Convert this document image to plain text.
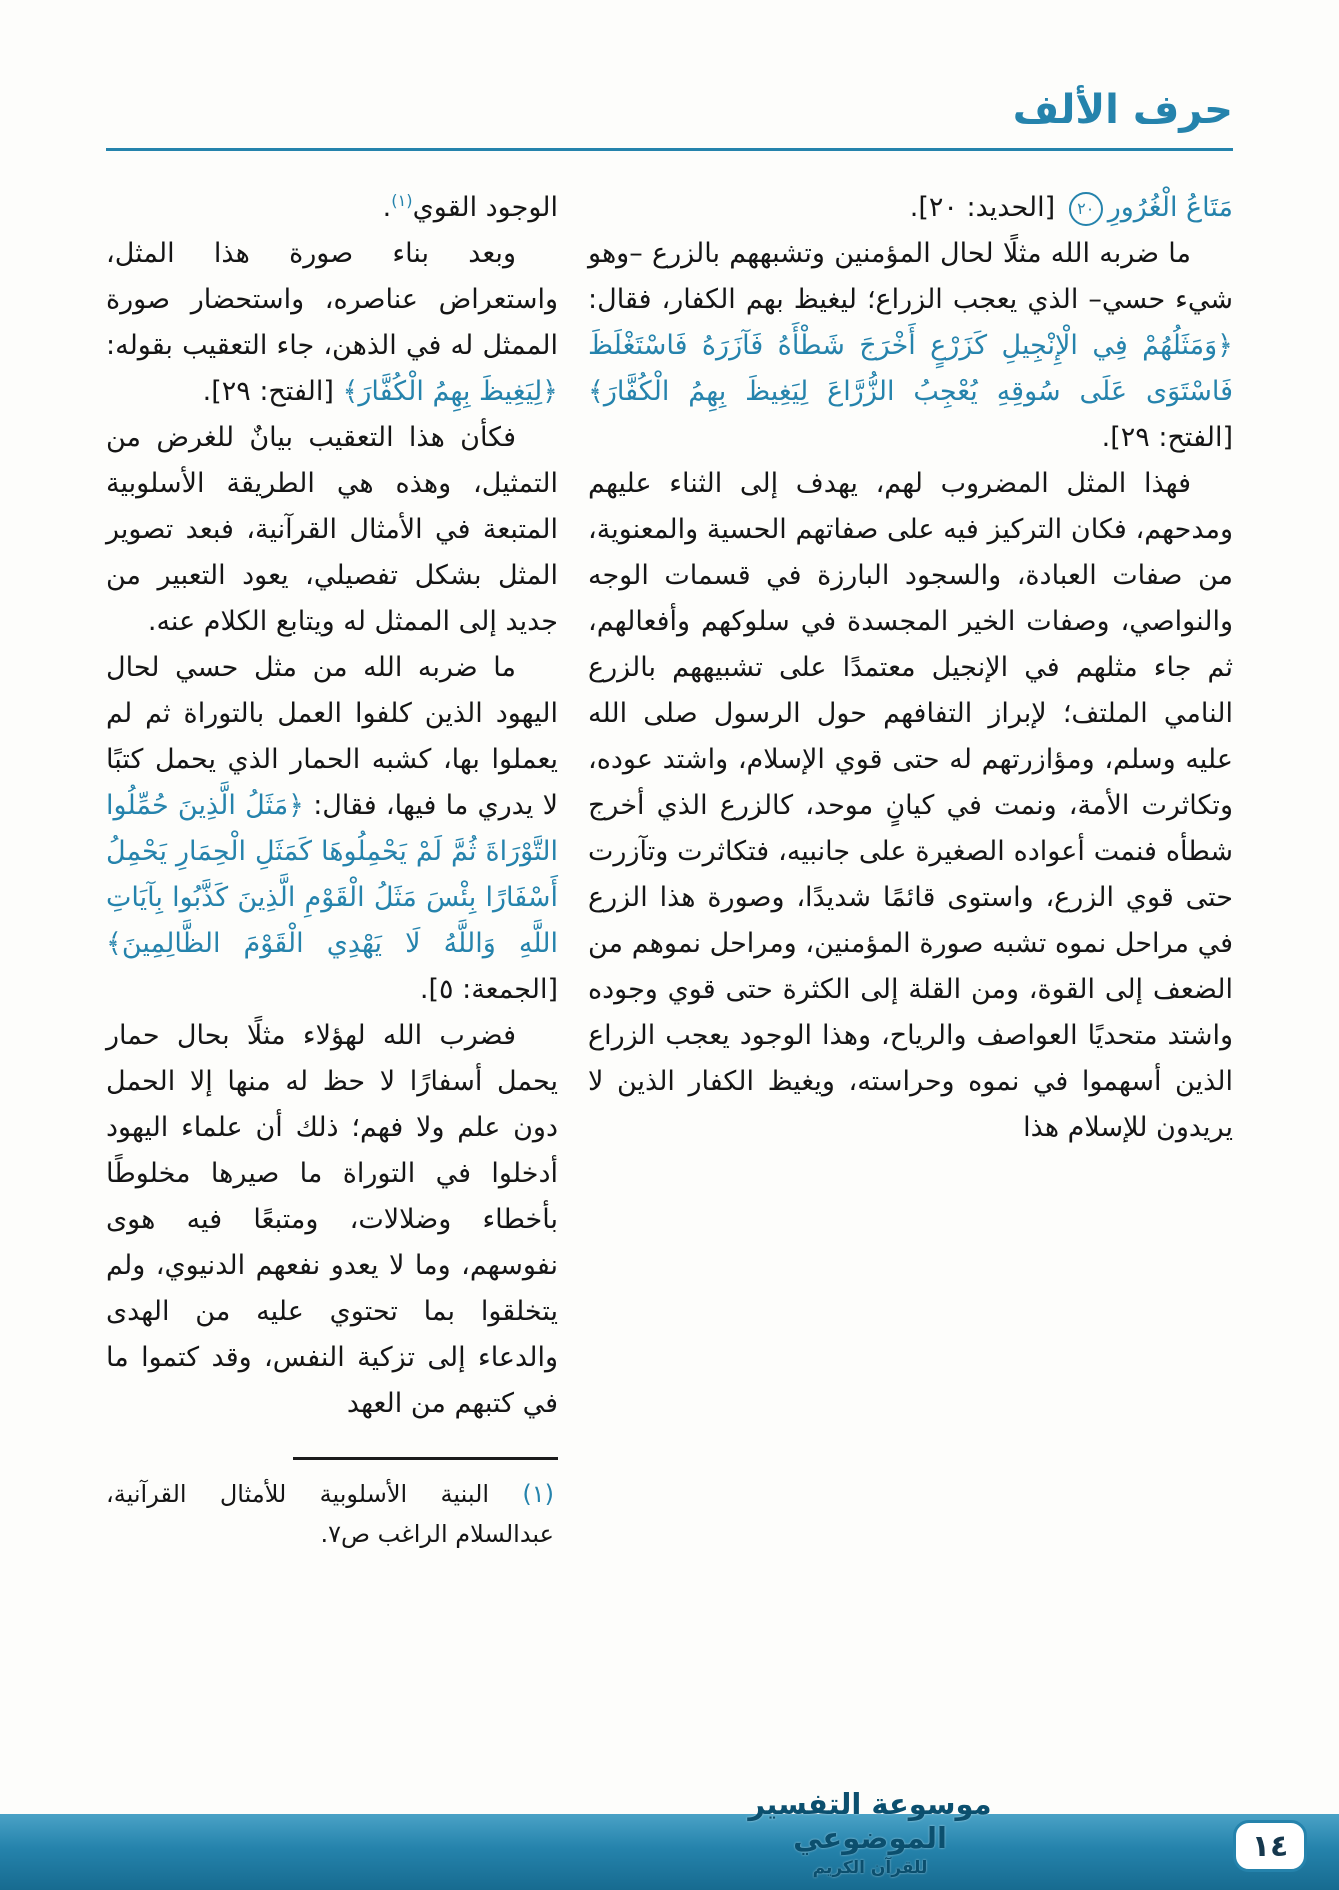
حرف الألف

مَتَاعُ الْغُرُورِ٢٠ [الحديد: ٢٠].

ما ضربه الله مثلًا لحال المؤمنين وتشبههم بالزرع –وهو شيء حسي– الذي يعجب الزراع؛ ليغيظ بهم الكفار، فقال: ﴿وَمَثَلُهُمْ فِي الْإِنْجِيلِ كَزَرْعٍ أَخْرَجَ شَطْأَهُ فَآزَرَهُ فَاسْتَغْلَظَ فَاسْتَوَى عَلَى سُوقِهِ يُعْجِبُ الزُّرَّاعَ لِيَغِيظَ بِهِمُ الْكُفَّارَ﴾ [الفتح: ٢٩].

فهذا المثل المضروب لهم، يهدف إلى الثناء عليهم ومدحهم، فكان التركيز فيه على صفاتهم الحسية والمعنوية، من صفات العبادة، والسجود البارزة في قسمات الوجه والنواصي، وصفات الخير المجسدة في سلوكهم وأفعالهم، ثم جاء مثلهم في الإنجيل معتمدًا على تشبيههم بالزرع النامي الملتف؛ لإبراز التفافهم حول الرسول صلى الله عليه وسلم، ومؤازرتهم له حتى قوي الإسلام، واشتد عوده، وتكاثرت الأمة، ونمت في كيانٍ موحد، كالزرع الذي أخرج شطأه فنمت أعواده الصغيرة على جانبيه، فتكاثرت وتآزرت حتى قوي الزرع، واستوى قائمًا شديدًا، وصورة هذا الزرع في مراحل نموه تشبه صورة المؤمنين، ومراحل نموهم من الضعف إلى القوة، ومن القلة إلى الكثرة حتى قوي وجوده واشتد متحديًا العواصف والرياح، وهذا الوجود يعجب الزراع الذين أسهموا في نموه وحراسته، ويغيظ الكفار الذين لا يريدون للإسلام هذا

الوجود القوي$^{(١)}$.

وبعد بناء صورة هذا المثل، واستعراض عناصره، واستحضار صورة الممثل له في الذهن، جاء التعقيب بقوله: ﴿لِيَغِيظَ بِهِمُ الْكُفَّارَ﴾ [الفتح: ٢٩].

فكأن هذا التعقيب بيانٌ للغرض من التمثيل، وهذه هي الطريقة الأسلوبية المتبعة في الأمثال القرآنية، فبعد تصوير المثل بشكل تفصيلي، يعود التعبير من جديد إلى الممثل له ويتابع الكلام عنه.

ما ضربه الله من مثل حسي لحال اليهود الذين كلفوا العمل بالتوراة ثم لم يعملوا بها، كشبه الحمار الذي يحمل كتبًا لا يدري ما فيها، فقال: ﴿مَثَلُ الَّذِينَ حُمِّلُوا التَّوْرَاةَ ثُمَّ لَمْ يَحْمِلُوهَا كَمَثَلِ الْحِمَارِ يَحْمِلُ أَسْفَارًا بِئْسَ مَثَلُ الْقَوْمِ الَّذِينَ كَذَّبُوا بِآيَاتِ اللَّهِ وَاللَّهُ لَا يَهْدِي الْقَوْمَ الظَّالِمِينَ﴾ [الجمعة: ٥].

فضرب الله لهؤلاء مثلًا بحال حمار يحمل أسفارًا لا حظ له منها إلا الحمل دون علم ولا فهم؛ ذلك أن علماء اليهود أدخلوا في التوراة ما صيرها مخلوطًا بأخطاء وضلالات، ومتبعًا فيه هوى نفوسهم، وما لا يعدو نفعهم الدنيوي، ولم يتخلقوا بما تحتوي عليه من الهدى والدعاء إلى تزكية النفس، وقد كتموا ما في كتبهم من العهد

(١) البنية الأسلوبية للأمثال القرآنية، عبدالسلام الراغب ص٧.

موسوعة التفسير الموضوعي
للقرآن الكريم
١٤
